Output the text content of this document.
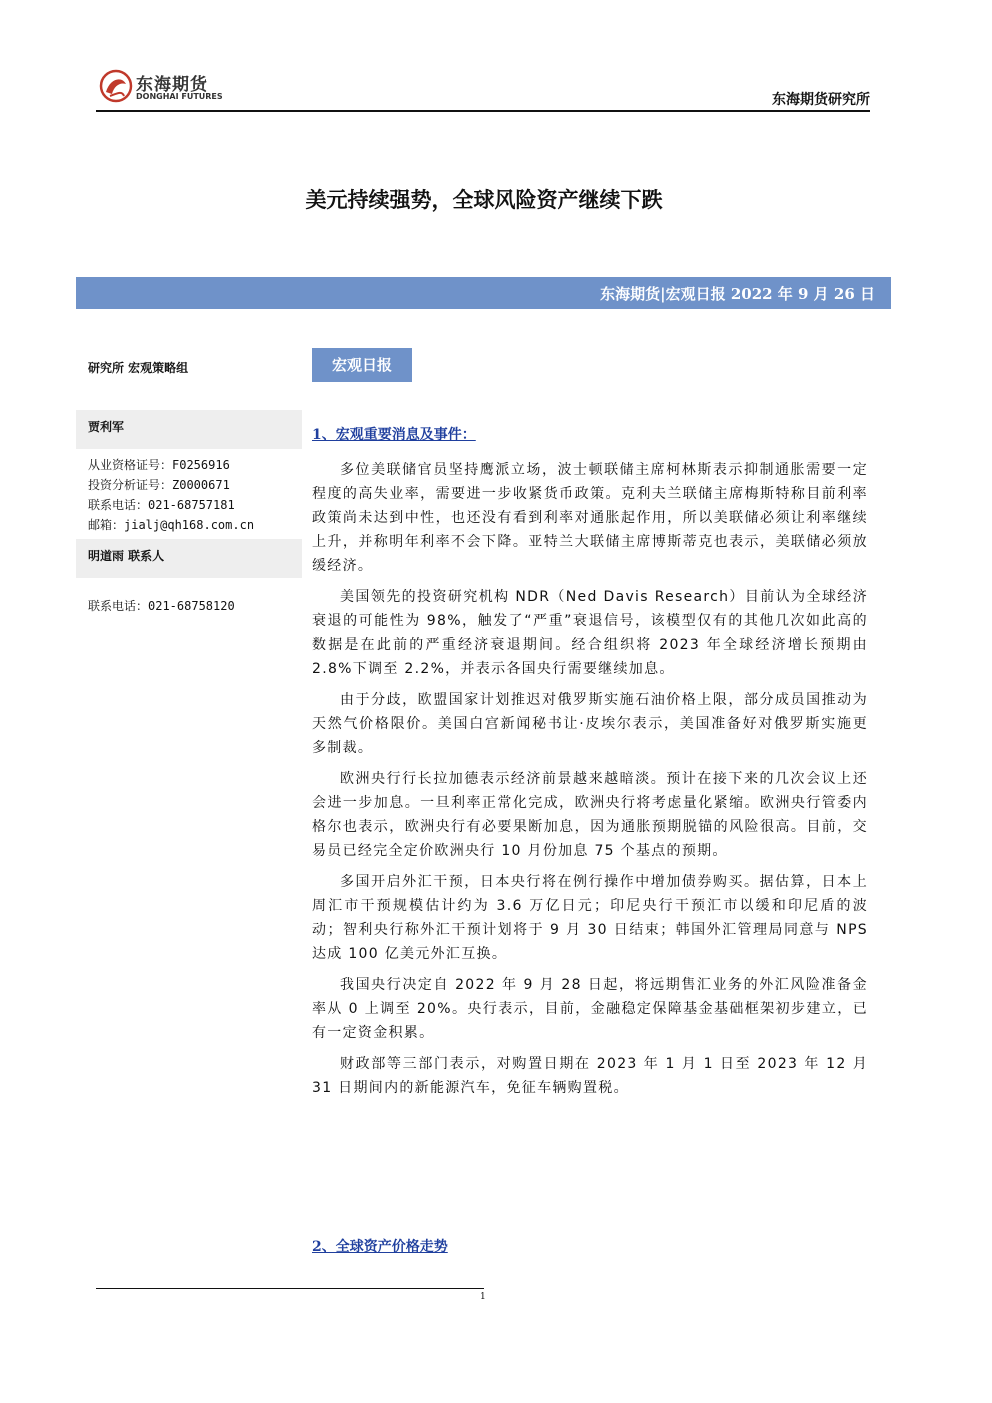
东海期货
DONGHAI FUTURES	东海期货研究所
美元持续强势，全球风险资产继续下跌
东海期货|宏观日报 2022 年 9 月 26 日
研究所 宏观策略组
贾利军
从业资格证号：F0256916
投资分析证号：Z0000671
联系电话：021-68757181
邮箱：jialj@qh168.com.cn
明道雨 联系人
联系电话：021-68758120
宏观日报
1、宏观重要消息及事件：

多位美联储官员坚持鹰派立场，波士顿联储主席柯林斯表示抑制通胀需要一定程度的高失业率，需要进一步收紧货币政策。克利夫兰联储主席梅斯特称目前利率政策尚未达到中性，也还没有看到利率对通胀起作用，所以美联储必须让利率继续上升，并称明年利率不会下降。亚特兰大联储主席博斯蒂克也表示，美联储必须放缓经济。

美国领先的投资研究机构 NDR（Ned Davis Research）目前认为全球经济衰退的可能性为 98%，触发了“严重”衰退信号，该模型仅有的其他几次如此高的数据是在此前的严重经济衰退期间。经合组织将 2023 年全球经济增长预期由 2.8%下调至 2.2%，并表示各国央行需要继续加息。

由于分歧，欧盟国家计划推迟对俄罗斯实施石油价格上限，部分成员国推动为天然气价格限价。美国白宫新闻秘书让·皮埃尔表示，美国准备好对俄罗斯实施更多制裁。

欧洲央行行长拉加德表示经济前景越来越暗淡。预计在接下来的几次会议上还会进一步加息。一旦利率正常化完成，欧洲央行将考虑量化紧缩。欧洲央行管委内格尔也表示，欧洲央行有必要果断加息，因为通胀预期脱锚的风险很高。目前，交易员已经完全定价欧洲央行 10 月份加息 75 个基点的预期。

多国开启外汇干预，日本央行将在例行操作中增加债券购买。据估算，日本上周汇市干预规模估计约为 3.6 万亿日元；印尼央行干预汇市以缓和印尼盾的波动；智利央行称外汇干预计划将于 9 月 30 日结束；韩国外汇管理局同意与 NPS 达成 100 亿美元外汇互换。

我国央行决定自 2022 年 9 月 28 日起，将远期售汇业务的外汇风险准备金率从 0 上调至 20%。央行表示，目前，金融稳定保障基金基础框架初步建立，已有一定资金积累。

财政部等三部门表示，对购置日期在 2023 年 1 月 1 日至 2023 年 12 月 31 日期间内的新能源汽车，免征车辆购置税。

2、全球资产价格走势
1
